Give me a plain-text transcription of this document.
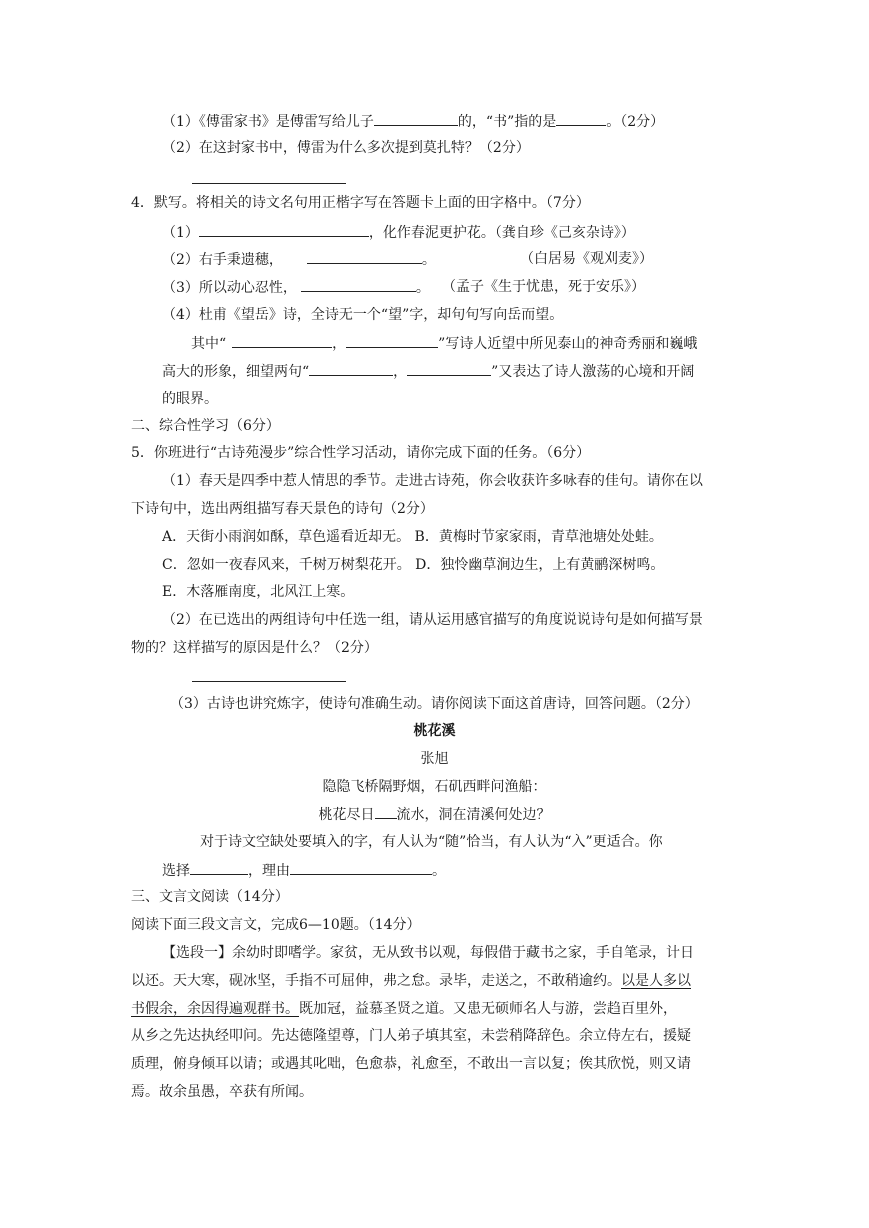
（1）《傅雷家书》是傅雷写给儿子	的，“书”指的是	。（2分）
（2）在这封家书中，傅雷为什么多次提到莫扎特？（2分）
4．默写。将相关的诗文名句用正楷字写在答题卡上面的田字格中。（7分）
（1）	，化作春泥更护花。（龚自珍《己亥杂诗》）
（2）右手秉遗穗，	。	（白居易《观刈麦》）
（3）所以动心忍性，	。 （孟子《生于忧患，死于安乐》）
（4）杜甫《望岳》诗，全诗无一个“望”字，却句句写向岳而望。
其中“	，	”写诗人近望中所见泰山的神奇秀丽和巍峨
高大的形象，细望两句“	，	”又表达了诗人激荡的心境和开阔
的眼界。
二、综合性学习（6分）
5．你班进行“古诗苑漫步”综合性学习活动，请你完成下面的任务。（6分）
（1）春天是四季中惹人情思的季节。走进古诗苑，你会收获许多咏春的佳句。请你在以
下诗句中，选出两组描写春天景色的诗句（2分）
A．天街小雨润如酥，草色遥看近却无。 B．黄梅时节家家雨，青草池塘处处蛙。
C．忽如一夜春风来，千树万树梨花开。 D．独怜幽草涧边生，上有黄鹂深树鸣。
E．木落雁南度，北风江上寒。
（2）在已选出的两组诗句中任选一组，请从运用感官描写的角度说说诗句是如何描写景
物的？这样描写的原因是什么？（2分）
（3）古诗也讲究炼字，使诗句准确生动。请你阅读下面这首唐诗，回答问题。（2分）
桃花溪
张旭
隐隐飞桥隔野烟，石矶西畔问渔船：
桃花尽日 流水，洞在清溪何处边？
对于诗文空缺处要填入的字，有人认为“随”恰当，有人认为“入”更适合。你
选择	，理由	。
三、文言文阅读（14分）
阅读下面三段文言文，完成6—10题。（14分）
【选段一】余幼时即嗜学。家贫，无从致书以观，每假借于藏书之家，手自笔录，计日
以还。天大寒，砚冰坚，手指不可屈伸，弗之怠。录毕，走送之，不敢稍逾约。以是人多以
书假余，余因得遍观群书。既加冠，益慕圣贤之道。又患无硕师名人与游，尝趋百里外，
从乡之先达执经叩问。先达德隆望尊，门人弟子填其室，未尝稍降辞色。余立侍左右，援疑
质理，俯身倾耳以请；或遇其叱咄，色愈恭，礼愈至，不敢出一言以复；俟其欣悦，则又请
焉。故余虽愚，卒获有所闻。
